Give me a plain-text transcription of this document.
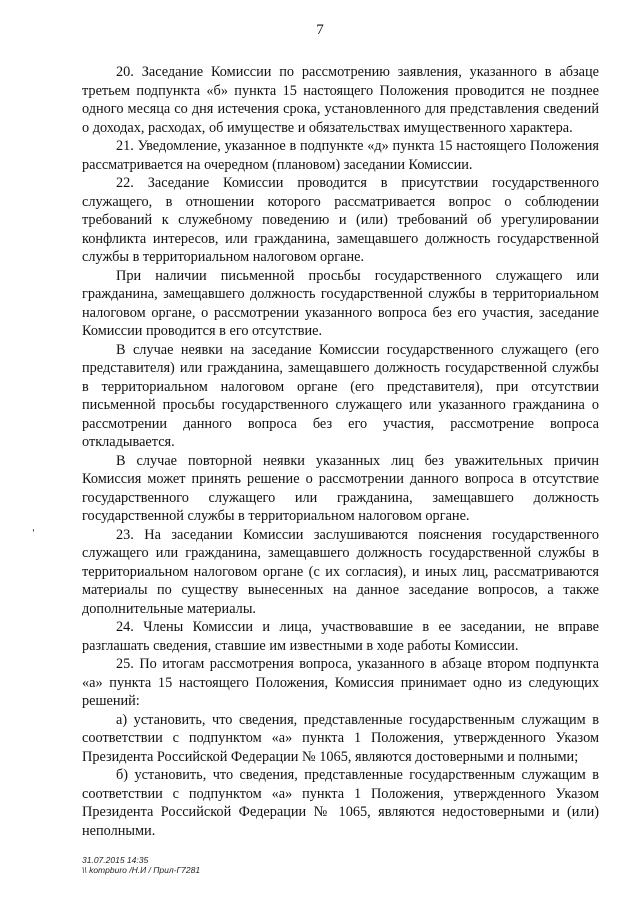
7

20. Заседание Комиссии по рассмотрению заявления, указанного в абзаце третьем подпункта «б» пункта 15 настоящего Положения проводится не позднее одного месяца со дня истечения срока, установленного для представления сведений о доходах, расходах, об имуществе и обязательствах имущественного характера.

21. Уведомление, указанное в подпункте «д» пункта 15 настоящего Положения рассматривается на очередном (плановом) заседании Комиссии.

22. Заседание Комиссии проводится в присутствии государственного служащего, в отношении которого рассматривается вопрос о соблюдении требований к служебному поведению и (или) требований об урегулировании конфликта интересов, или гражданина, замещавшего должность государственной службы в территориальном налоговом органе.

При наличии письменной просьбы государственного служащего или гражданина, замещавшего должность государственной службы в территориальном налоговом органе, о рассмотрении указанного вопроса без его участия, заседание Комиссии проводится в его отсутствие.

В случае неявки на заседание Комиссии государственного служащего (его представителя) или гражданина, замещавшего должность государственной службы в территориальном налоговом органе (его представителя), при отсутствии письменной просьбы государственного служащего или указанного гражданина о рассмотрении данного вопроса без его участия, рассмотрение вопроса откладывается.

В случае повторной неявки указанных лиц без уважительных причин Комиссия может принять решение о рассмотрении данного вопроса в отсутствие государственного служащего или гражданина, замещавшего должность государственной службы в территориальном налоговом органе.

23. На заседании Комиссии заслушиваются пояснения государственного служащего или гражданина, замещавшего должность государственной службы в территориальном налоговом органе (с их согласия), и иных лиц, рассматриваются материалы по существу вынесенных на данное заседание вопросов, а также дополнительные материалы.

24. Члены Комиссии и лица, участвовавшие в ее заседании, не вправе разглашать сведения, ставшие им известными в ходе работы Комиссии.

25. По итогам рассмотрения вопроса, указанного в абзаце втором подпункта «а» пункта 15 настоящего Положения, Комиссия принимает одно из следующих решений:

а) установить, что сведения, представленные государственным служащим в соответствии с подпунктом «а» пункта 1 Положения, утвержденного Указом Президента Российской Федерации № 1065, являются достоверными и полными;

б) установить, что сведения, представленные государственным служащим в соответствии с подпунктом «а» пункта 1 Положения, утвержденного Указом Президента Российской Федерации № 1065, являются недостоверными и (или) неполными.

'
31.07.2015 14:35
\\ kompburo /Н.И / Прил-Г7281
